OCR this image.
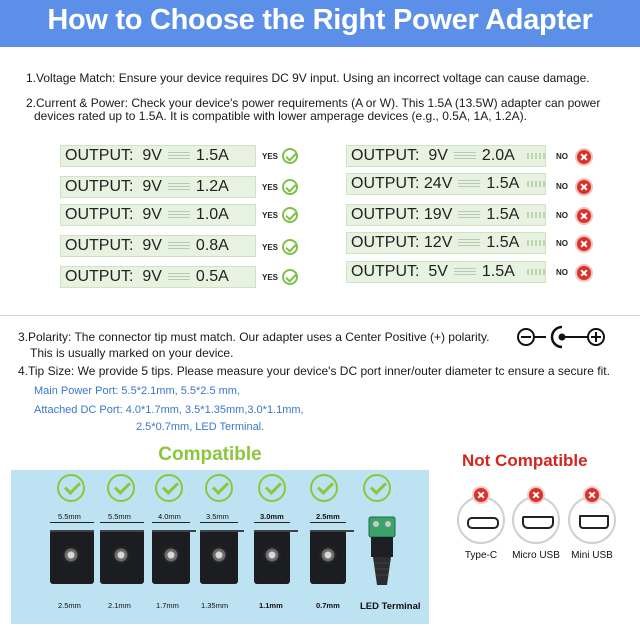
How to Choose the Right Power Adapter
1.Voltage Match: Ensure your device requires DC 9V input. Using an incorrect voltage can cause damage.
2.Current & Power: Check your device's power requirements (A or W). This 1.5A (13.5W) adapter can power
devices rated up to 1.5A. It is compatible with lower amperage devices (e.g., 0.5A, 1A, 1.2A).
OUTPUT: 9V 1.5A	YES
OUTPUT: 9V 1.2A	YES
OUTPUT: 9V 1.0A	YES
OUTPUT: 9V 0.8A	YES
OUTPUT: 9V 0.5A	YES
OUTPUT: 9V 2.0A	NO
OUTPUT: 24V 1.5A	NO
OUTPUT: 19V 1.5A	NO
OUTPUT: 12V 1.5A	NO
OUTPUT: 5V 1.5A	NO
3.Polarity: The connector tip must match. Our adapter uses a Center Positive (+) polarity.
This is usually marked on your device.
4.Tip Size: We provide 5 tips. Please measure your device's DC port inner/outer diameter tc ensure a secure fit.
Main Power Port: 5.5*2.1mm, 5.5*2.5 mm,
Attached DC Port: 4.0*1.7mm, 3.5*1.35mm,3.0*1.1mm,
2.5*0.7mm, LED Terminal.
Compatible
5.5mm
2.5mm
5.5mm
2.1mm
4.0mm
1.7mm
3.5mm
1.35mm
3.0mm
1.1mm
2.5mm
0.7mm LED Terminal
Not Compatible
Type-C	Micro USB	Mini USB
